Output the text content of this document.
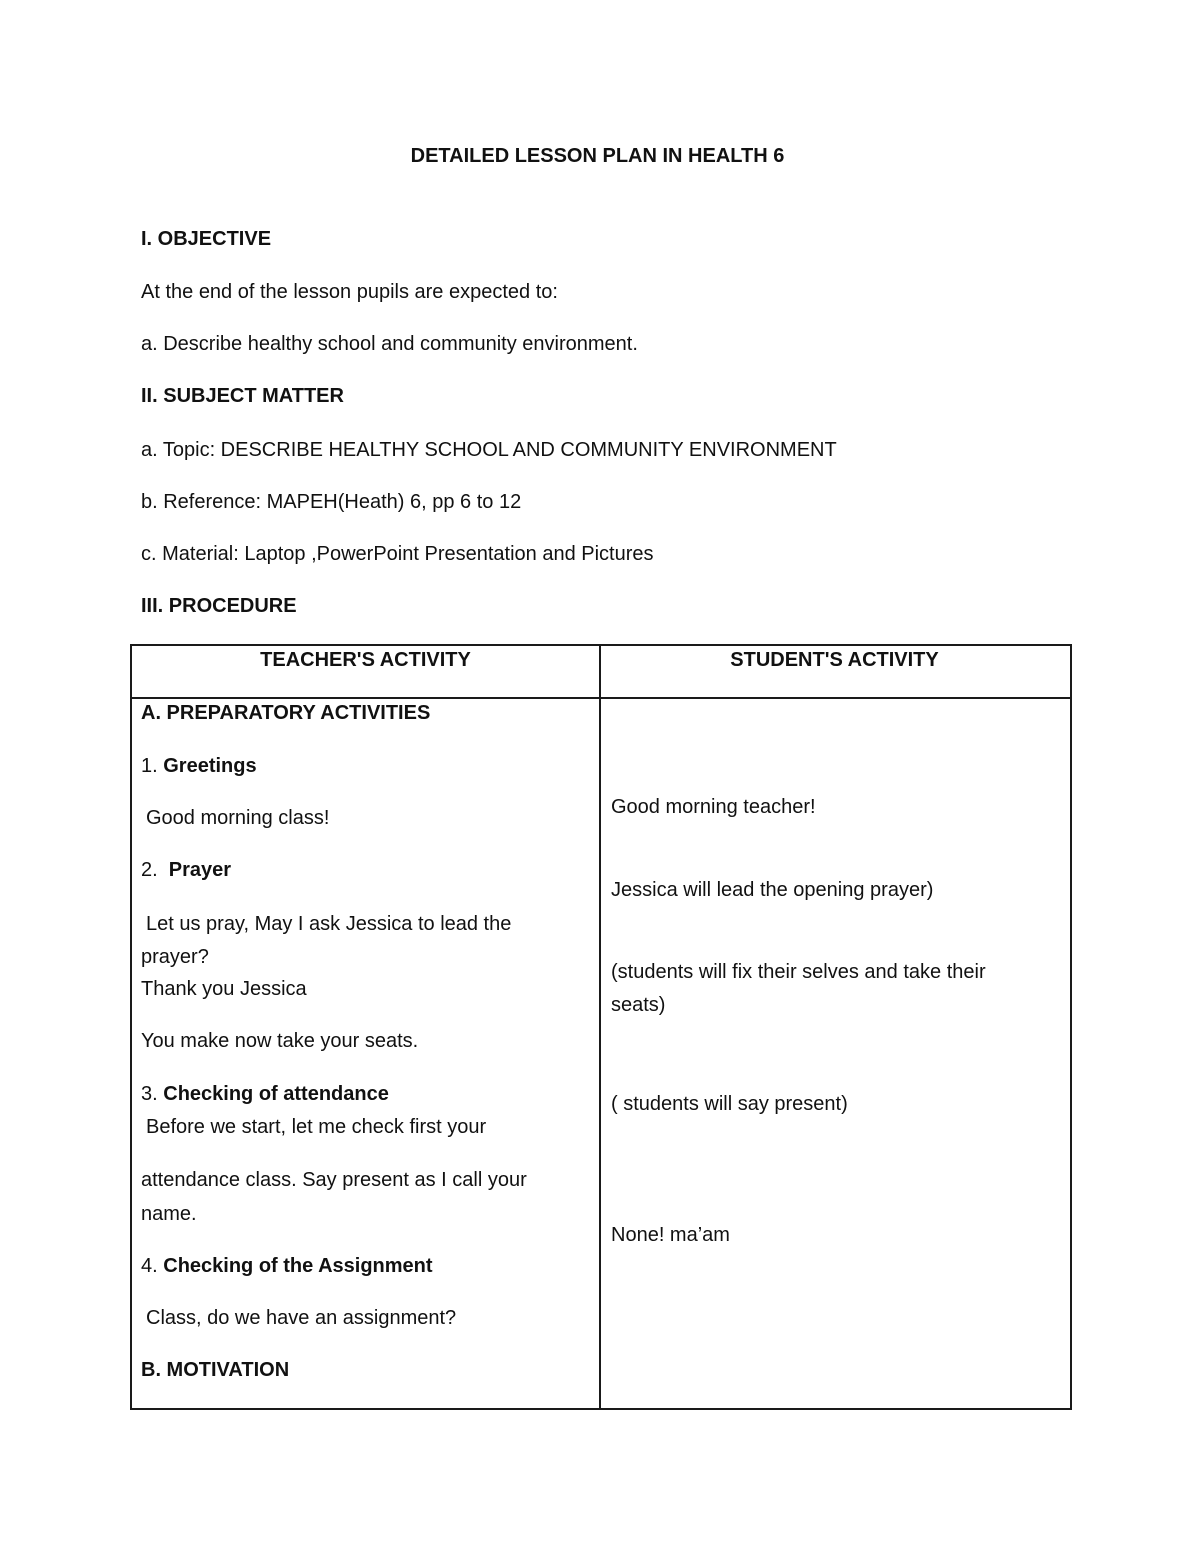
DETAILED LESSON PLAN IN HEALTH 6
I. OBJECTIVE
At the end of the lesson pupils are expected to:
a. Describe healthy school and community environment.
II. SUBJECT MATTER
a. Topic: DESCRIBE HEALTHY SCHOOL AND COMMUNITY ENVIRONMENT
b. Reference: MAPEH(Heath) 6, pp 6 to 12
c. Material: Laptop ,PowerPoint Presentation and Pictures
III. PROCEDURE
TEACHER'S ACTIVITY	STUDENT'S ACTIVITY
A. PREPARATORY ACTIVITIES
1. Greetings
Good morning class!
2.  Prayer
Let us pray, May I ask Jessica to lead the
prayer?
Thank you Jessica
You make now take your seats.
3. Checking of attendance
Before we start, let me check first your
attendance class. Say present as I call your
name.
4. Checking of the Assignment
Class, do we have an assignment?
B. MOTIVATION
Good morning teacher!
Jessica will lead the opening prayer)
(students will fix their selves and take their
seats)
( students will say present)
None! ma’am
